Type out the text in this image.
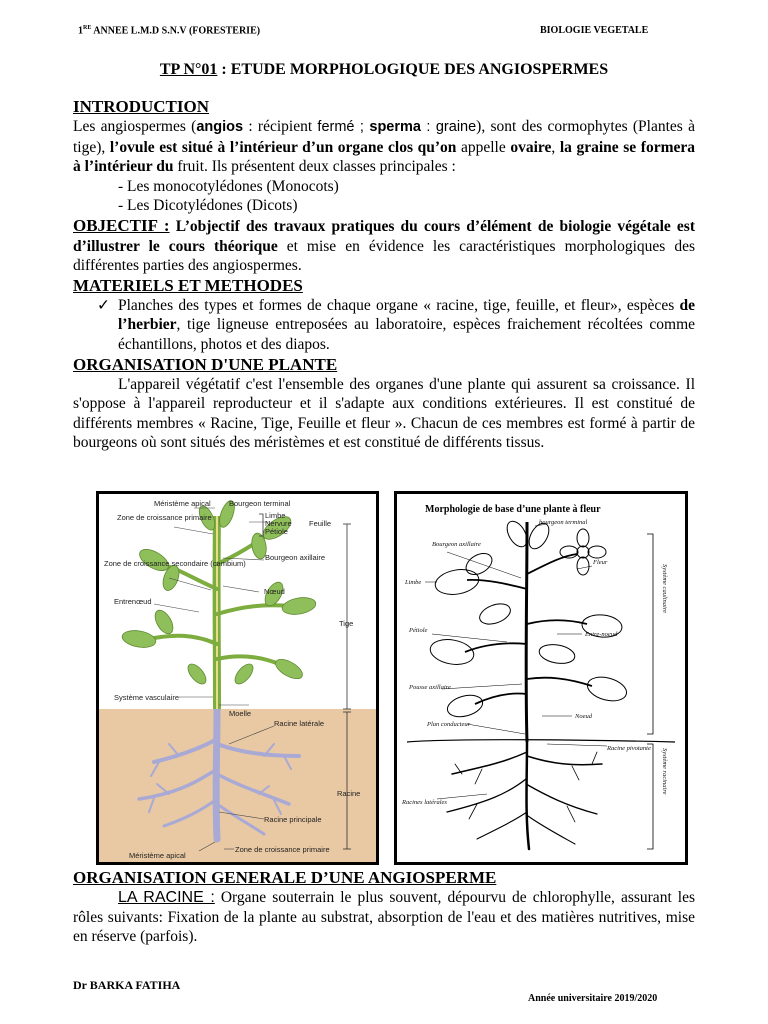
1RE ANNEE L.M.D S.N.V (FORESTERIE)	BIOLOGIE VEGETALE
TP N°01 : ETUDE MORPHOLOGIQUE DES ANGIOSPERMES
INTRODUCTION

Les angiospermes (angios : récipient fermé ; sperma : graine), sont des cormophytes (Plantes à tige), l’ovule est situé à l’intérieur d’un organe clos qu’on appelle ovaire, la graine se formera à l’intérieur du fruit. Ils présentent deux classes principales :

- Les monocotylédones (Monocots)

- Les Dicotylédones (Dicots)

OBJECTIF : L’objectif des travaux pratiques du cours d’élément de biologie végétale est d’illustrer le cours théorique et mise en évidence les caractéristiques morphologiques des différentes parties des angiospermes.

MATERIELS ET METHODES
✓ Planches des types et formes de chaque organe « racine, tige, feuille, et fleur», espèces de l’herbier, tige ligneuse entreposées au laboratoire, espèces fraichement récoltées comme échantillons, photos et des diapos.
ORGANISATION D'UNE PLANTE

L'appareil végétatif c'est l'ensemble des organes d'une plante qui assurent sa croissance. Il s'oppose à l'appareil reproducteur et il s'adapte aux conditions extérieures. Il est constitué de différents membres « Racine, Tige, Feuille et fleur ». Chacun de ces membres est formé à partir de bourgeons où sont situés des méristèmes et est constitué de différents tissus.

Méristème apical Bourgeon terminal
Zone de croissance primaire	Limbe
Nervure
Pétiole
Feuille
Bourgeon axillaire
Zone de croissance secondaire (cambium)
Nœud
Entrenœud
Tige
Système vasculaire
Moelle
Racine latérale
Racine
Racine principale
Méristème apical
Zone de croissance primaire
Morphologie de base d’une plante à fleur
bourgeon terminal
Bourgeon axillaire
Fleur
Limbe
Pétiole
Entre-noeud
Pousse axillaire
Noeud
Plan conducteur
Racine pivotante
Racines latérales
Système caulinaire
Système racinaire
ORGANISATION GENERALE D’UNE ANGIOSPERME

LA RACINE : Organe souterrain le plus souvent, dépourvu de chlorophylle, assurant les rôles suivants: Fixation de la plante au substrat, absorption de l'eau et des matières nutritives, mise en réserve (parfois).

Dr BARKA FATIHA
Année universitaire 2019/2020
